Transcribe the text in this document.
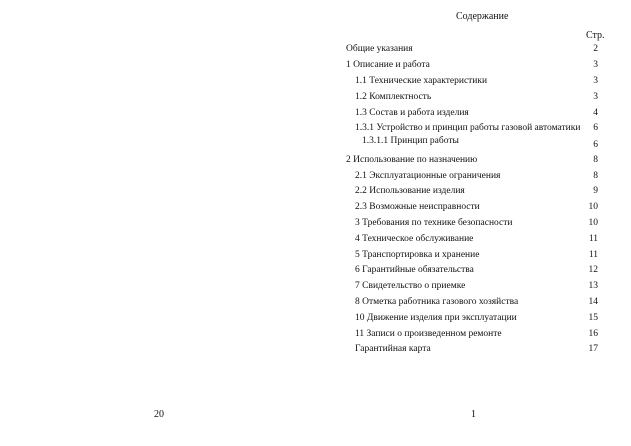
Содержание
Стр.
Общие указания	2
1 Описание и работа	3
1.1 Технические характеристики	3
1.2 Комплектность	3
1.3 Состав и работа изделия	4
1.3.1 Устройство и принцип работы газовой автоматики 6
1.3.1.1 Принцип работы	6
2 Использование по назначению	8
2.1 Эксплуатационные ограничения	8
2.2 Использование изделия	9
2.3 Возможные неисправности	10
3 Требования по технике безопасности	10
4 Техническое обслуживание	11
5 Транспортировка и хранение	11
6 Гарантийные обязательства	12
7 Свидетельство о приемке	13
8 Отметка работника газового хозяйства	14
10 Движение изделия при эксплуатации	15
11 Записи о произведенном ремонте	16
Гарантийная карта	17
20	1
